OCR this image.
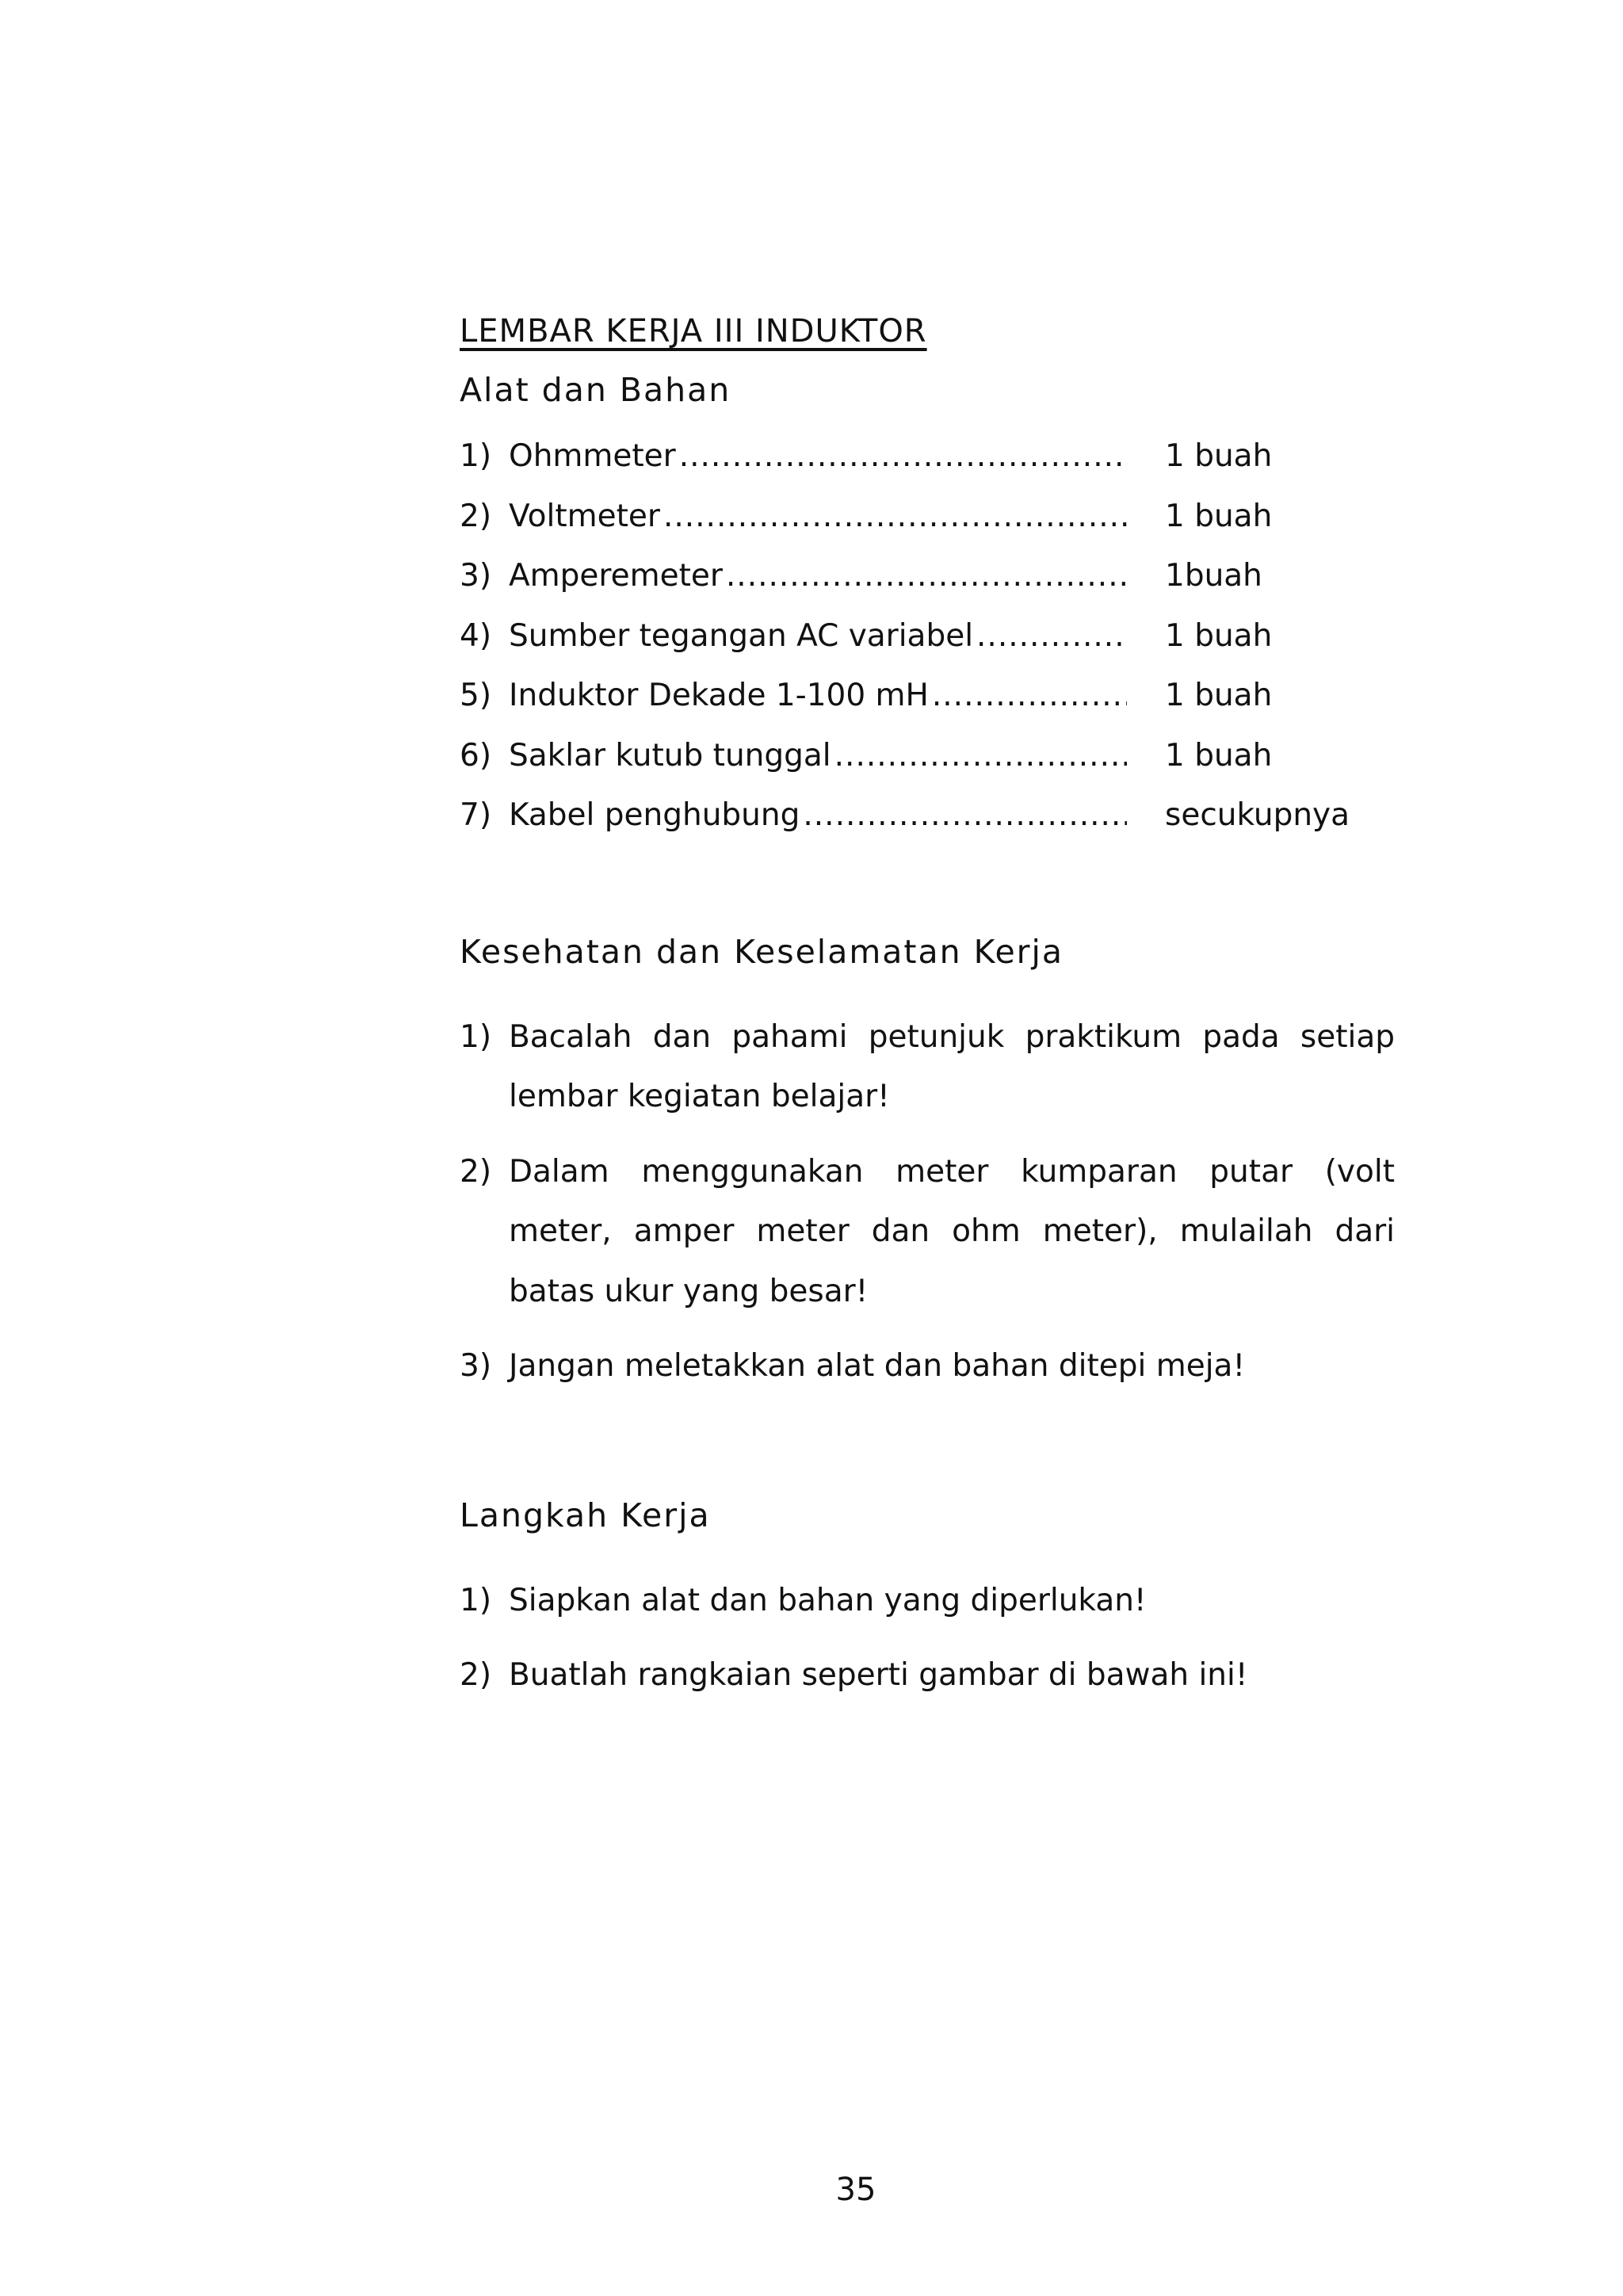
LEMBAR KERJA III INDUKTOR
Alat dan Bahan
1) Ohmmeter .....	1 buah
2) Voltmeter .....	1 buah
3) Amperemeter .....	1buah
4) Sumber tegangan AC variabel .....	1 buah
5) Induktor Dekade 1-100 mH .....	1 buah
6) Saklar kutub tunggal .....	1 buah
7) Kabel penghubung .....	secukupnya
Kesehatan dan Keselamatan Kerja
1) Bacalah dan pahami petunjuk praktikum pada setiap lembar kegiatan belajar!
2) Dalam menggunakan meter kumparan putar (volt meter, amper meter dan ohm meter), mulailah dari batas ukur yang besar!
3) Jangan meletakkan alat dan bahan ditepi meja!
Langkah Kerja
1) Siapkan alat dan bahan yang diperlukan!
2) Buatlah rangkaian seperti gambar di bawah ini!
35
